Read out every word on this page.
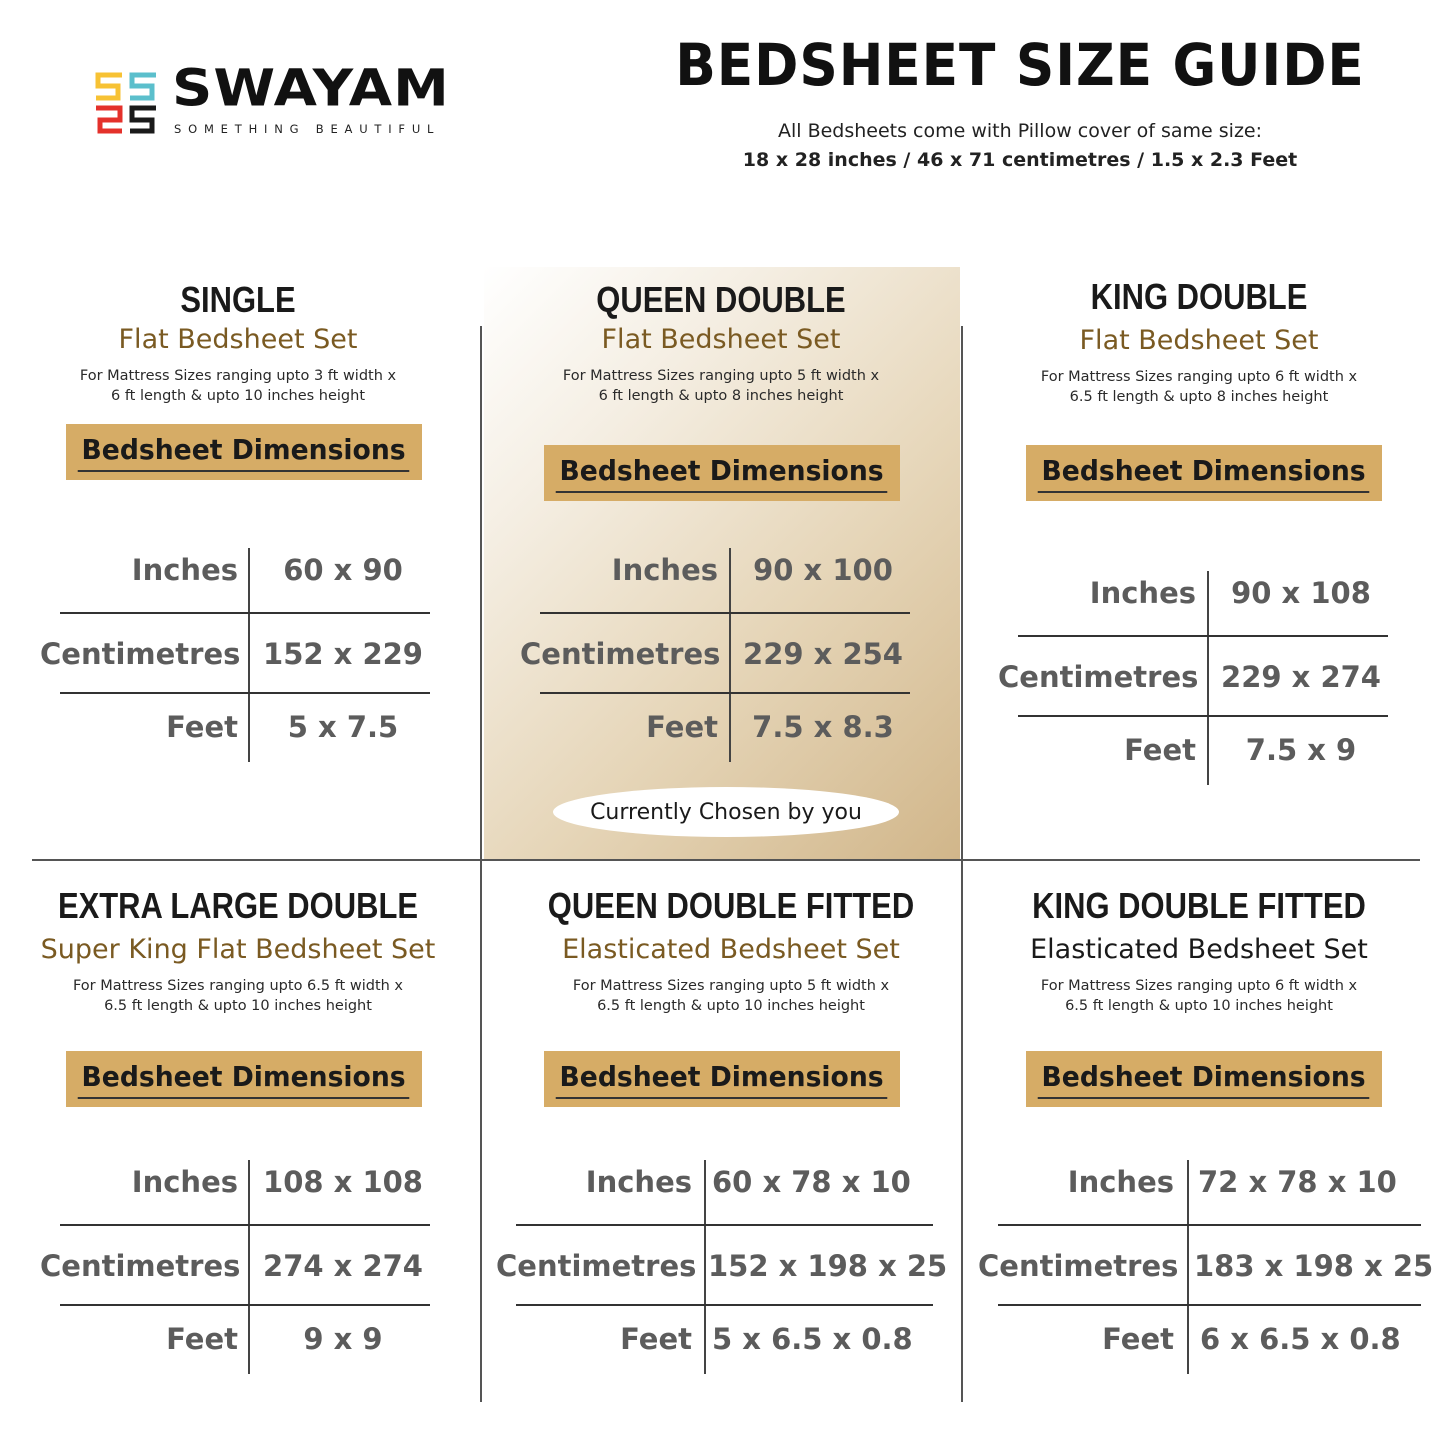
SWAYAM
SOMETHING BEAUTIFUL
BEDSHEET SIZE GUIDE
All Bedsheets come with Pillow cover of same size:
18 x 28 inches / 46 x 71 centimetres / 1.5 x 2.3 Feet
SINGLE
Flat Bedsheet Set
For Mattress Sizes ranging upto 3 ft width x
6 ft length & upto 10 inches height
Bedsheet Dimensions
Inches	60 x 90
Centimetres 152 x 229
Feet	5 x 7.5
QUEEN DOUBLE
Flat Bedsheet Set
For Mattress Sizes ranging upto 5 ft width x
6 ft length & upto 8 inches height
Bedsheet Dimensions
Inches	90 x 100
Centimetres 229 x 254
Feet	7.5 x 8.3
Currently Chosen by you
KING DOUBLE
Flat Bedsheet Set
For Mattress Sizes ranging upto 6 ft width x
6.5 ft length & upto 8 inches height
Bedsheet Dimensions
Inches	90 x 108
Centimetres 229 x 274
Feet	7.5 x 9
EXTRA LARGE DOUBLE
Super King Flat Bedsheet Set
For Mattress Sizes ranging upto 6.5 ft width x
6.5 ft length & upto 10 inches height
Bedsheet Dimensions
Inches 108 x 108
Centimetres 274 x 274
Feet	9 x 9
QUEEN DOUBLE FITTED
Elasticated Bedsheet Set
For Mattress Sizes ranging upto 5 ft width x
6.5 ft length & upto 10 inches height
Bedsheet Dimensions
Inches 60 x 78 x 10
Centimetres 152 x 198 x 25
Feet 5 x 6.5 x 0.8
KING DOUBLE FITTED
Elasticated Bedsheet Set
For Mattress Sizes ranging upto 6 ft width x
6.5 ft length & upto 10 inches height
Bedsheet Dimensions
Inches 72 x 78 x 10
Centimetres 183 x 198 x 25
Feet 6 x 6.5 x 0.8
